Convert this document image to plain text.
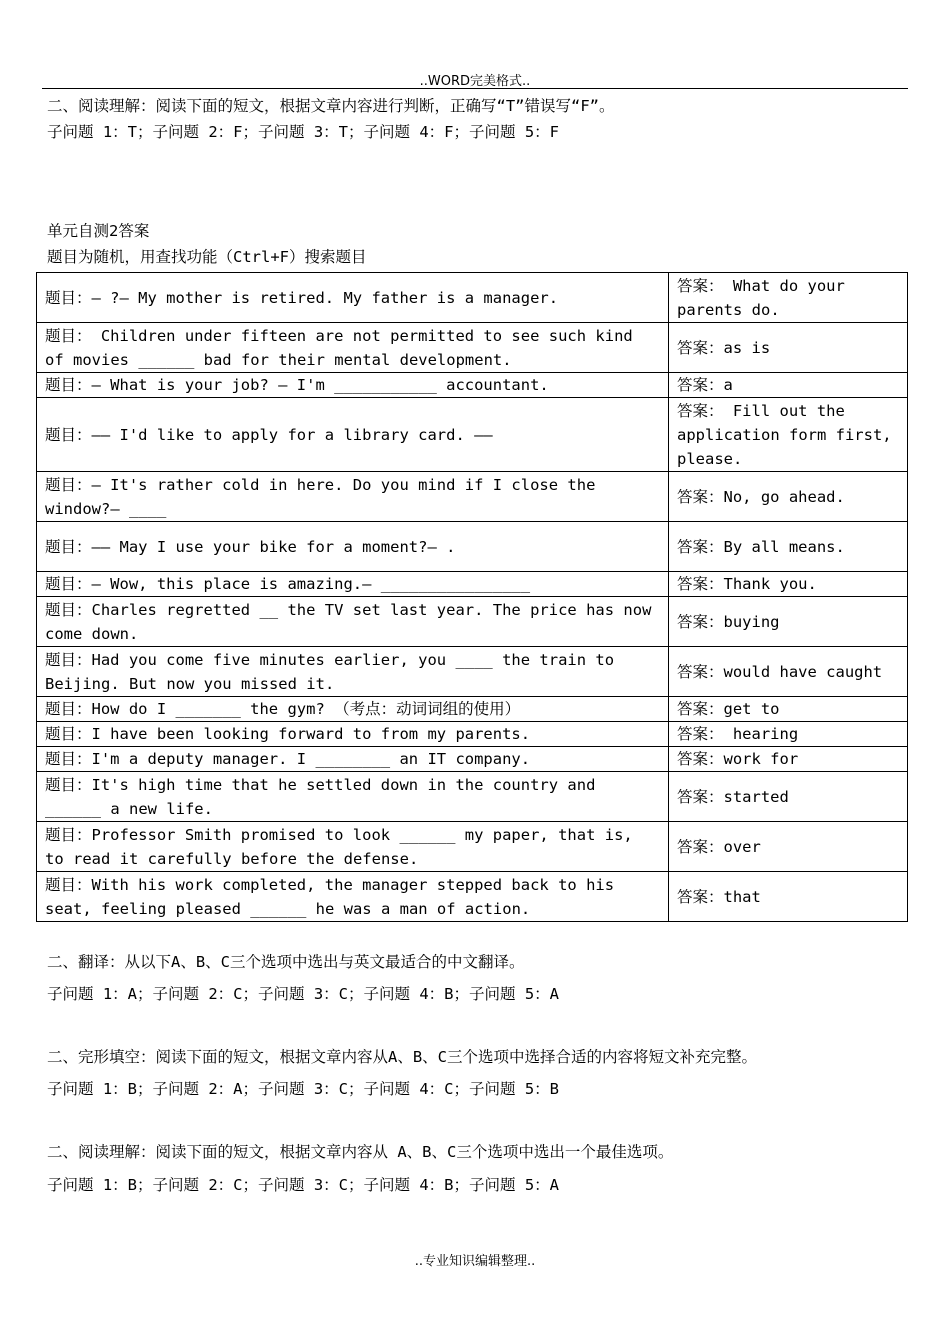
..WORD完美格式..
二、阅读理解：阅读下面的短文，根据文章内容进行判断，正确写“T”错误写“F”。
子问题 1：T；子问题 2：F；子问题 3：T；子问题 4：F；子问题 5：F
单元自测2答案
题目为随机，用查找功能（Ctrl+F）搜索题目
题目：— ?— My mother is retired. My father is a manager.	答案： What do your parents do.
题目： Children under fifteen are not permitted to see such kind of movies ______ bad for their mental development.	答案：as is
题目：— What is your job? — I'm ___________ accountant.	答案：a
题目：—— I'd like to apply for a library card. ——	答案： Fill out the application form first, please.
题目：— It's rather cold in here. Do you mind if I close the window?— ____	答案：No, go ahead.
题目：—— May I use your bike for a moment?— .	答案：By all means.
题目：— Wow, this place is amazing.— ________________	答案：Thank you.
题目：Charles regretted __ the TV set last year. The price has now come down.	答案：buying
题目：Had you come five minutes earlier, you ____ the train to Beijing. But now you missed it.	答案：would have caught
题目：How do I _______ the gym? （考点：动词词组的使用）	答案：get to
题目：I have been looking forward to from my parents.	答案： hearing
题目：I'm a deputy manager. I ________ an IT company.	答案：work for
题目：It's high time that he settled down in the country and ______ a new life.	答案：started
题目：Professor Smith promised to look ______ my paper, that is, to read it carefully before the defense.	答案：over
题目：With his work completed, the manager stepped back to his seat, feeling pleased ______ he was a man of action.	答案：that
二、翻译：从以下A、B、C三个选项中选出与英文最适合的中文翻译。
子问题 1：A；子问题 2：C；子问题 3：C；子问题 4：B；子问题 5：A
二、完形填空：阅读下面的短文，根据文章内容从A、B、C三个选项中选择合适的内容将短文补充完整。
子问题 1：B；子问题 2：A；子问题 3：C；子问题 4：C；子问题 5：B
二、阅读理解：阅读下面的短文，根据文章内容从 A、B、C三个选项中选出一个最佳选项。
子问题 1：B；子问题 2：C；子问题 3：C；子问题 4：B；子问题 5：A
..专业知识编辑整理..
